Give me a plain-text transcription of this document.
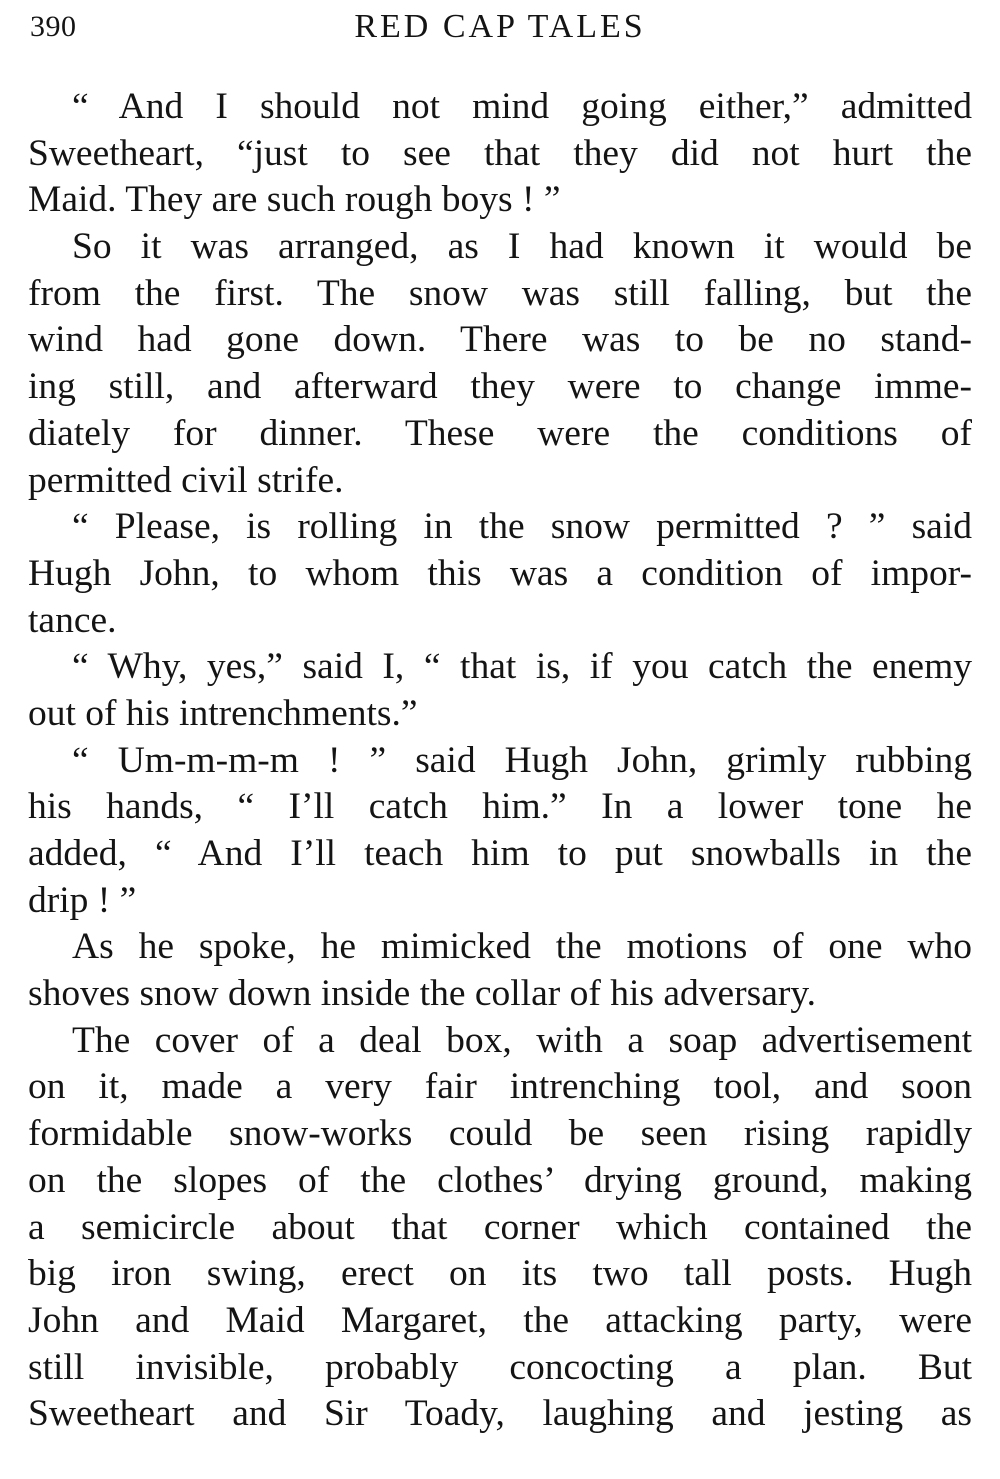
390	RED CAP TALES
“ And I should not mind going either,” admitted
Sweetheart, “just to see that they did not hurt the
Maid. They are such rough boys ! ”
So it was arranged, as I had known it would be
from the first. The snow was still falling, but the
wind had gone down. There was to be no stand-
ing still, and afterward they were to change imme-
diately for dinner. These were the conditions of
permitted civil strife.
“ Please, is rolling in the snow permitted ? ” said
Hugh John, to whom this was a condition of impor-
tance.
“ Why, yes,” said I, “ that is, if you catch the enemy
out of his intrenchments.”
“ Um-m-m-m ! ” said Hugh John, grimly rubbing
his hands, “ I’ll catch him.” In a lower tone he
added, “ And I’ll teach him to put snowballs in the
drip ! ”
As he spoke, he mimicked the motions of one who
shoves snow down inside the collar of his adversary.
The cover of a deal box, with a soap advertisement
on it, made a very fair intrenching tool, and soon
formidable snow-works could be seen rising rapidly
on the slopes of the clothes’ drying ground, making
a semicircle about that corner which contained the
big iron swing, erect on its two tall posts. Hugh
John and Maid Margaret, the attacking party, were
still invisible, probably concocting a plan. But
Sweetheart and Sir Toady, laughing and jesting as
